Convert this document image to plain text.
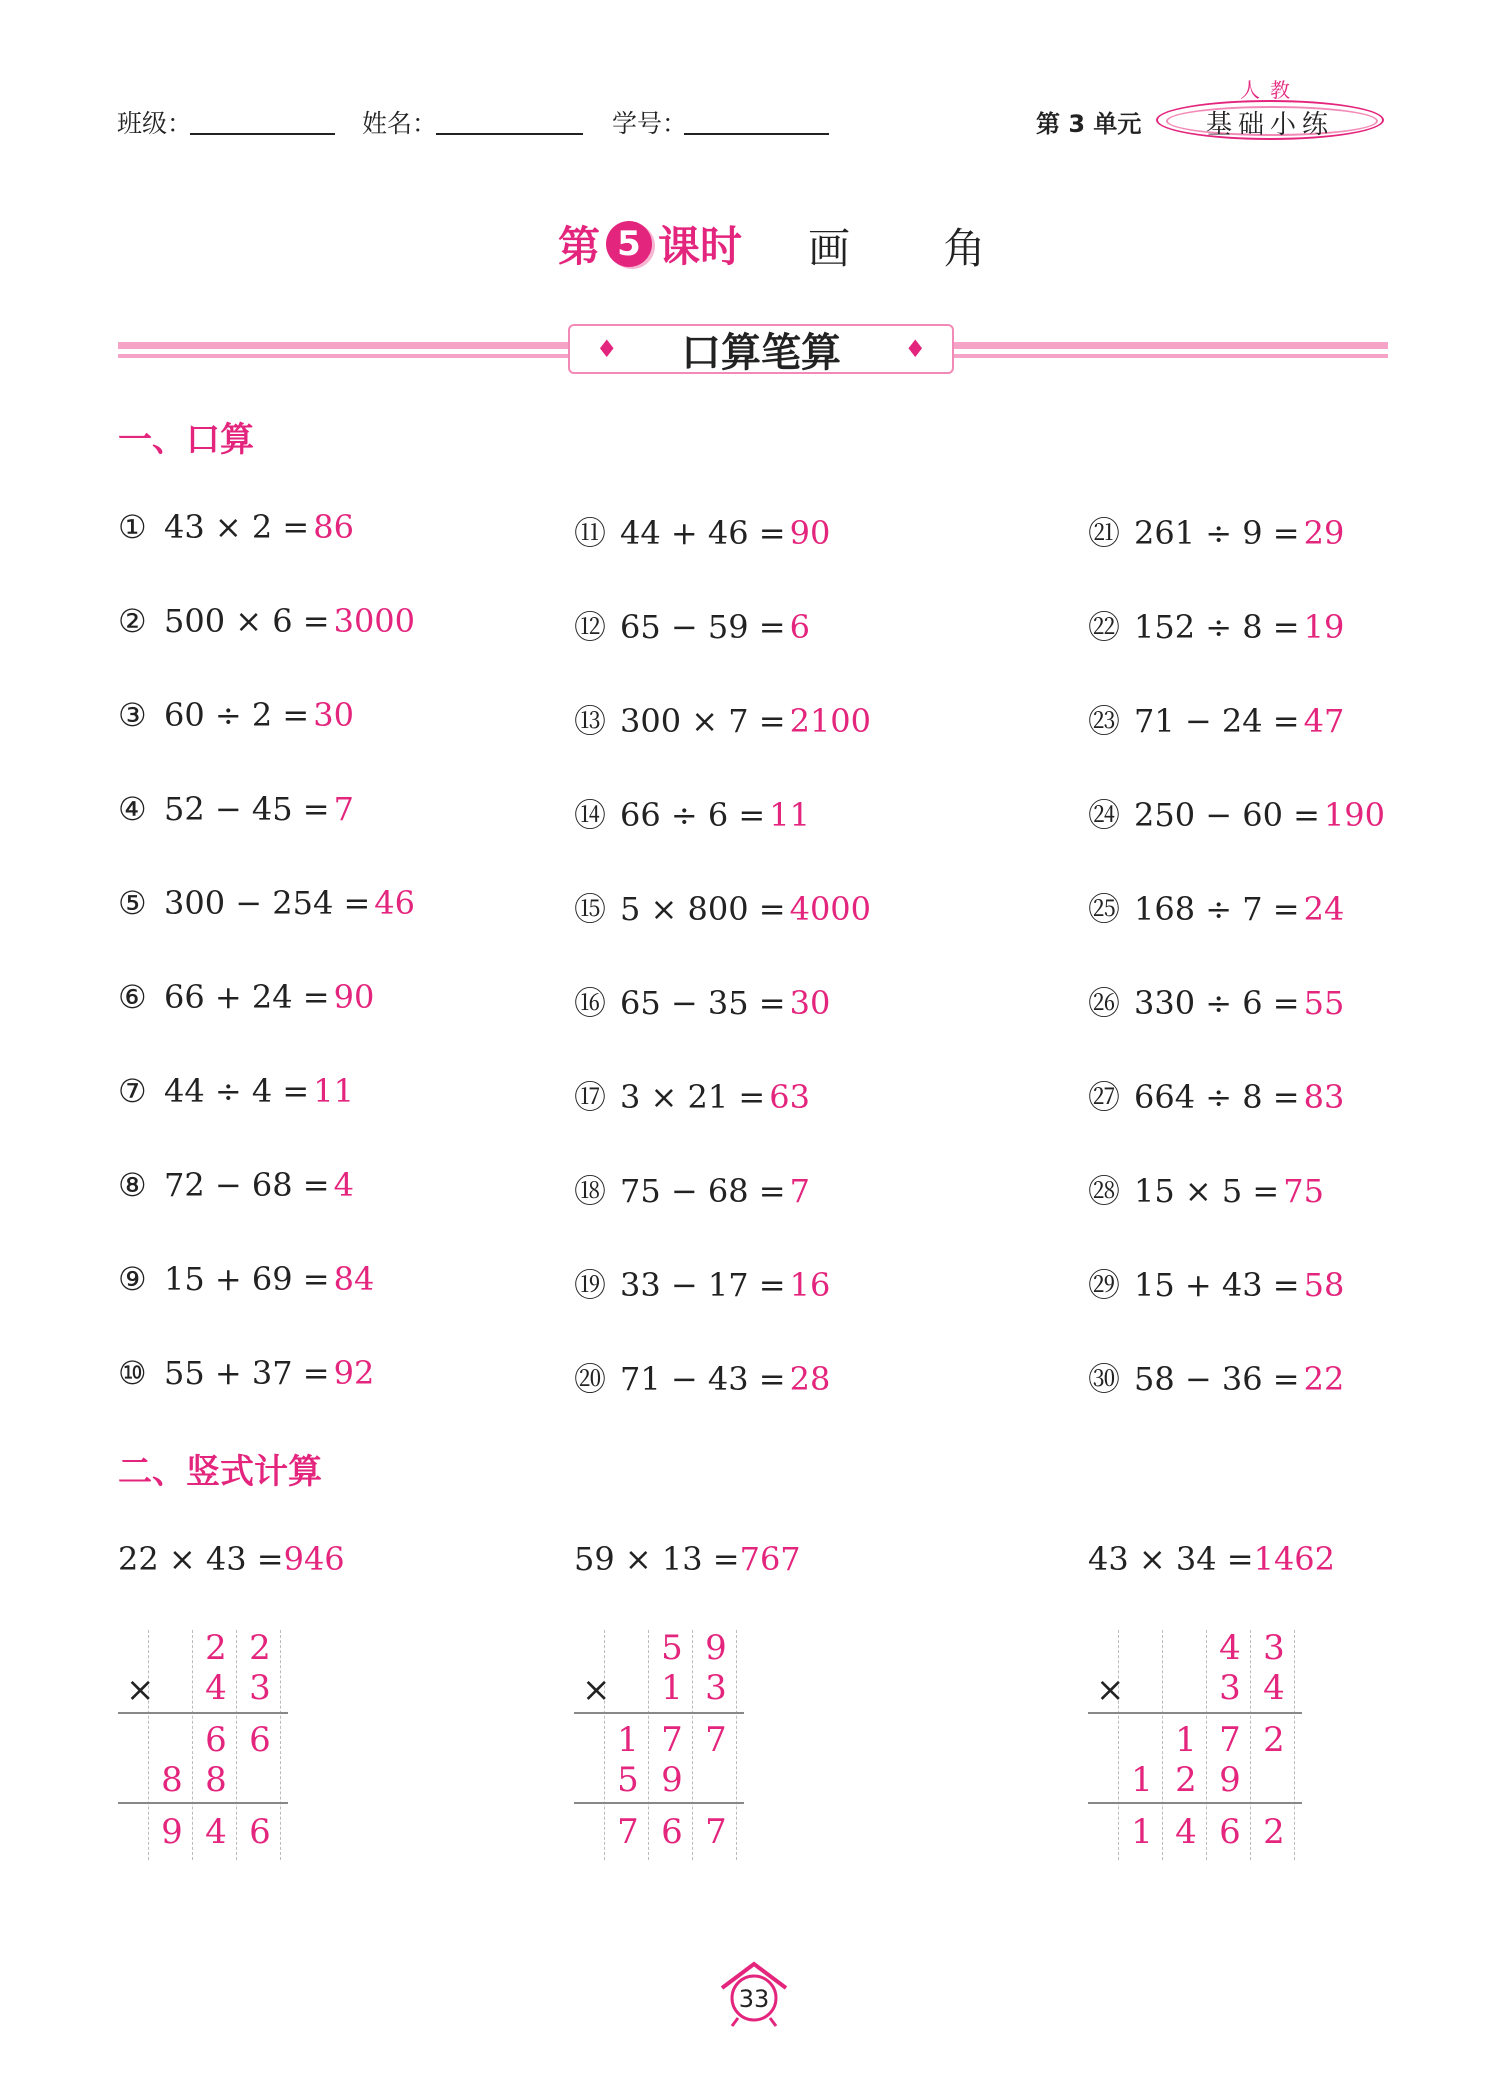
班级：	姓名：	学号：	第 3 单元
人教
基础小练
第 5 课时 画 角
♦ 口算笔算	♦
一、口算
① 43 × 2 = 86
② 500 × 6 = 3000
③ 60 ÷ 2 = 30
④ 52 − 45 = 7
⑤ 300 − 254 = 46
⑥ 66 + 24 = 90
⑦ 44 ÷ 4 = 11
⑧ 72 − 68 = 4
⑨ 15 + 69 = 84
⑩ 55 + 37 = 92
⑪ 44 + 46 = 90
⑫ 65 − 59 = 6
⑬ 300 × 7 = 2100
⑭ 66 ÷ 6 = 11
⑮ 5 × 800 = 4000
⑯ 65 − 35 = 30
⑰ 3 × 21 = 63
⑱ 75 − 68 = 7
⑲ 33 − 17 = 16
⑳ 71 − 43 = 28
㉑ 261 ÷ 9 = 29
㉒ 152 ÷ 8 = 19
㉓ 71 − 24 = 47
㉔ 250 − 60 = 190
㉕ 168 ÷ 7 = 24
㉖ 330 ÷ 6 = 55
㉗ 664 ÷ 8 = 83
㉘ 15 × 5 = 75
㉙ 15 + 43 = 58
㉚ 58 − 36 = 22
二、竖式计算
22 × 43 =946
×
2 2
4 3
6 6
8 8
9 4 6
59 × 13 =767
×
5 9
1 3
1 7 7
5 9
7 6 7
43 × 34 =1462
×
4 3
3 4
1 7 2
1 2 9
1 4 6 2
33
